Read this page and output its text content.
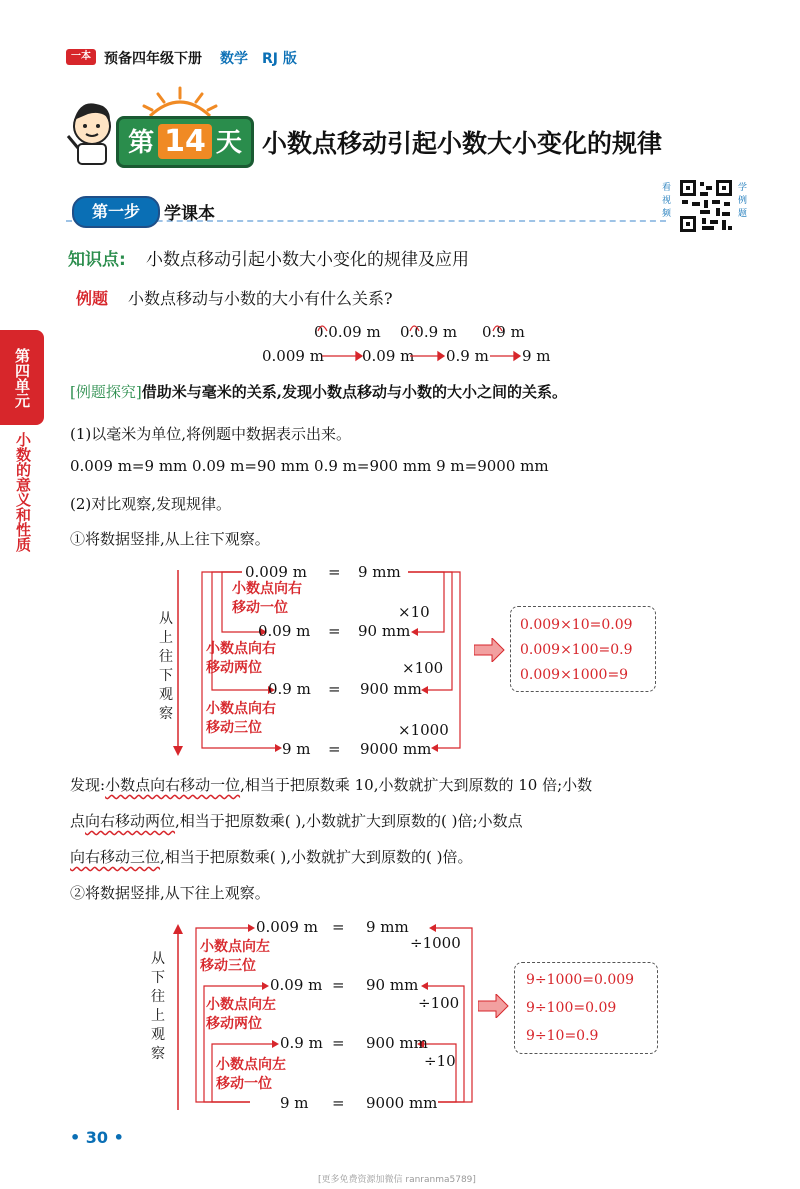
一本 预备四年级下册 数学 RJ 版
第 14 天 小数点移动引起小数大小变化的规律
第一步	学课本
看视频
学例题
第四单元
小数的意义和性质
知识点: 小数点移动引起小数大小变化的规律及应用
例题 小数点移动与小数的大小有什么关系?
0.0.09 m 0.0.9 m 0.9 m
0.009 m	0.09 m 0.9 m 9 m
[例题探究]借助米与毫米的关系,发现小数点移动与小数的大小之间的关系。
(1)以毫米为单位,将例题中数据表示出来。
0.009 m=9 mm 0.09 m=90 mm 0.9 m=900 mm 9 m=9000 mm
(2)对比观察,发现规律。
①将数据竖排,从上往下观察。
从上往下观察
0.009 m = 9 mm
0.09 m = 90 mm
0.9 m = 900 mm
9 m = 9000 mm
小数点向右移动一位
小数点向右移动两位
小数点向右移动三位
×10
×100
×1000
0.009×10=0.09
0.009×100=0.9
0.009×1000=9
发现:小数点向右移动一位,相当于把原数乘 10,小数就扩大到原数的 10 倍;小数
点向右移动两位,相当于把原数乘( ),小数就扩大到原数的( )倍;小数点
向右移动三位,相当于把原数乘( ),小数就扩大到原数的( )倍。
②将数据竖排,从下往上观察。
从下往上观察
0.009 m = 9 mm
0.09 m = 90 mm
0.9 m = 900 mm
9 m = 9000 mm
小数点向左移动三位
小数点向左移动两位
小数点向左移动一位
÷1000
÷100
÷10
9÷1000=0.009
9÷100=0.09
9÷10=0.9
• 30 •
[更多免费资源加微信 ranranma5789]
